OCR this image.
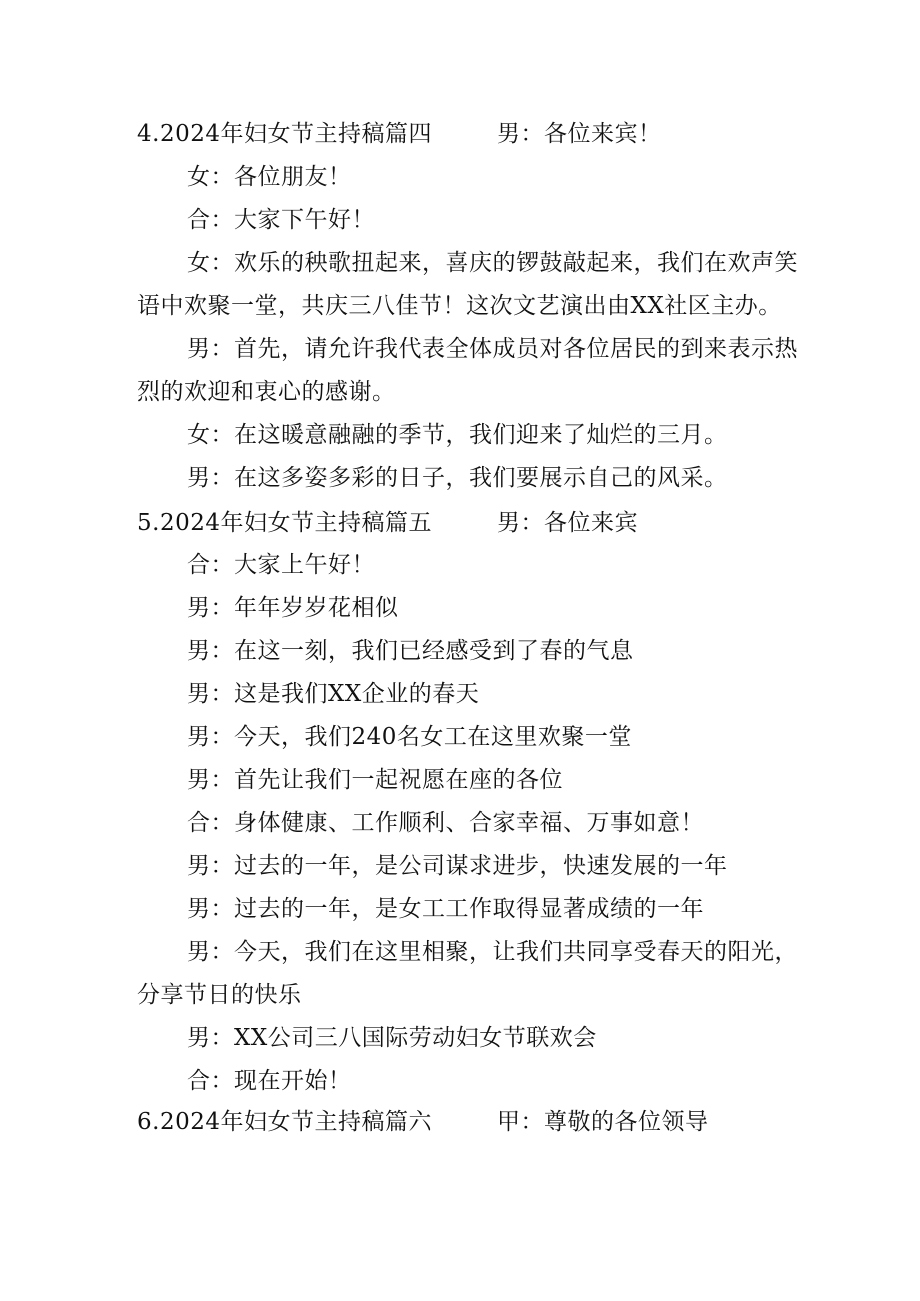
4.2024年妇女节主持稿篇四	男：各位来宾！
女：各位朋友！
合：大家下午好！
女：欢乐的秧歌扭起来，喜庆的锣鼓敲起来，我们在欢声笑
语中欢聚一堂，共庆三八佳节！这次文艺演出由XX社区主办。
男：首先，请允许我代表全体成员对各位居民的到来表示热
烈的欢迎和衷心的感谢。
女：在这暖意融融的季节，我们迎来了灿烂的三月。
男：在这多姿多彩的日子，我们要展示自己的风采。
5.2024年妇女节主持稿篇五	男：各位来宾
合：大家上午好！
男：年年岁岁花相似
男：在这一刻，我们已经感受到了春的气息
男：这是我们XX企业的春天
男：今天，我们240名女工在这里欢聚一堂
男：首先让我们一起祝愿在座的各位
合：身体健康、工作顺利、合家幸福、万事如意！
男：过去的一年，是公司谋求进步，快速发展的一年
男：过去的一年，是女工工作取得显著成绩的一年
男：今天，我们在这里相聚，让我们共同享受春天的阳光，
分享节日的快乐
男：XX公司三八国际劳动妇女节联欢会
合：现在开始！
6.2024年妇女节主持稿篇六	甲：尊敬的各位领导
